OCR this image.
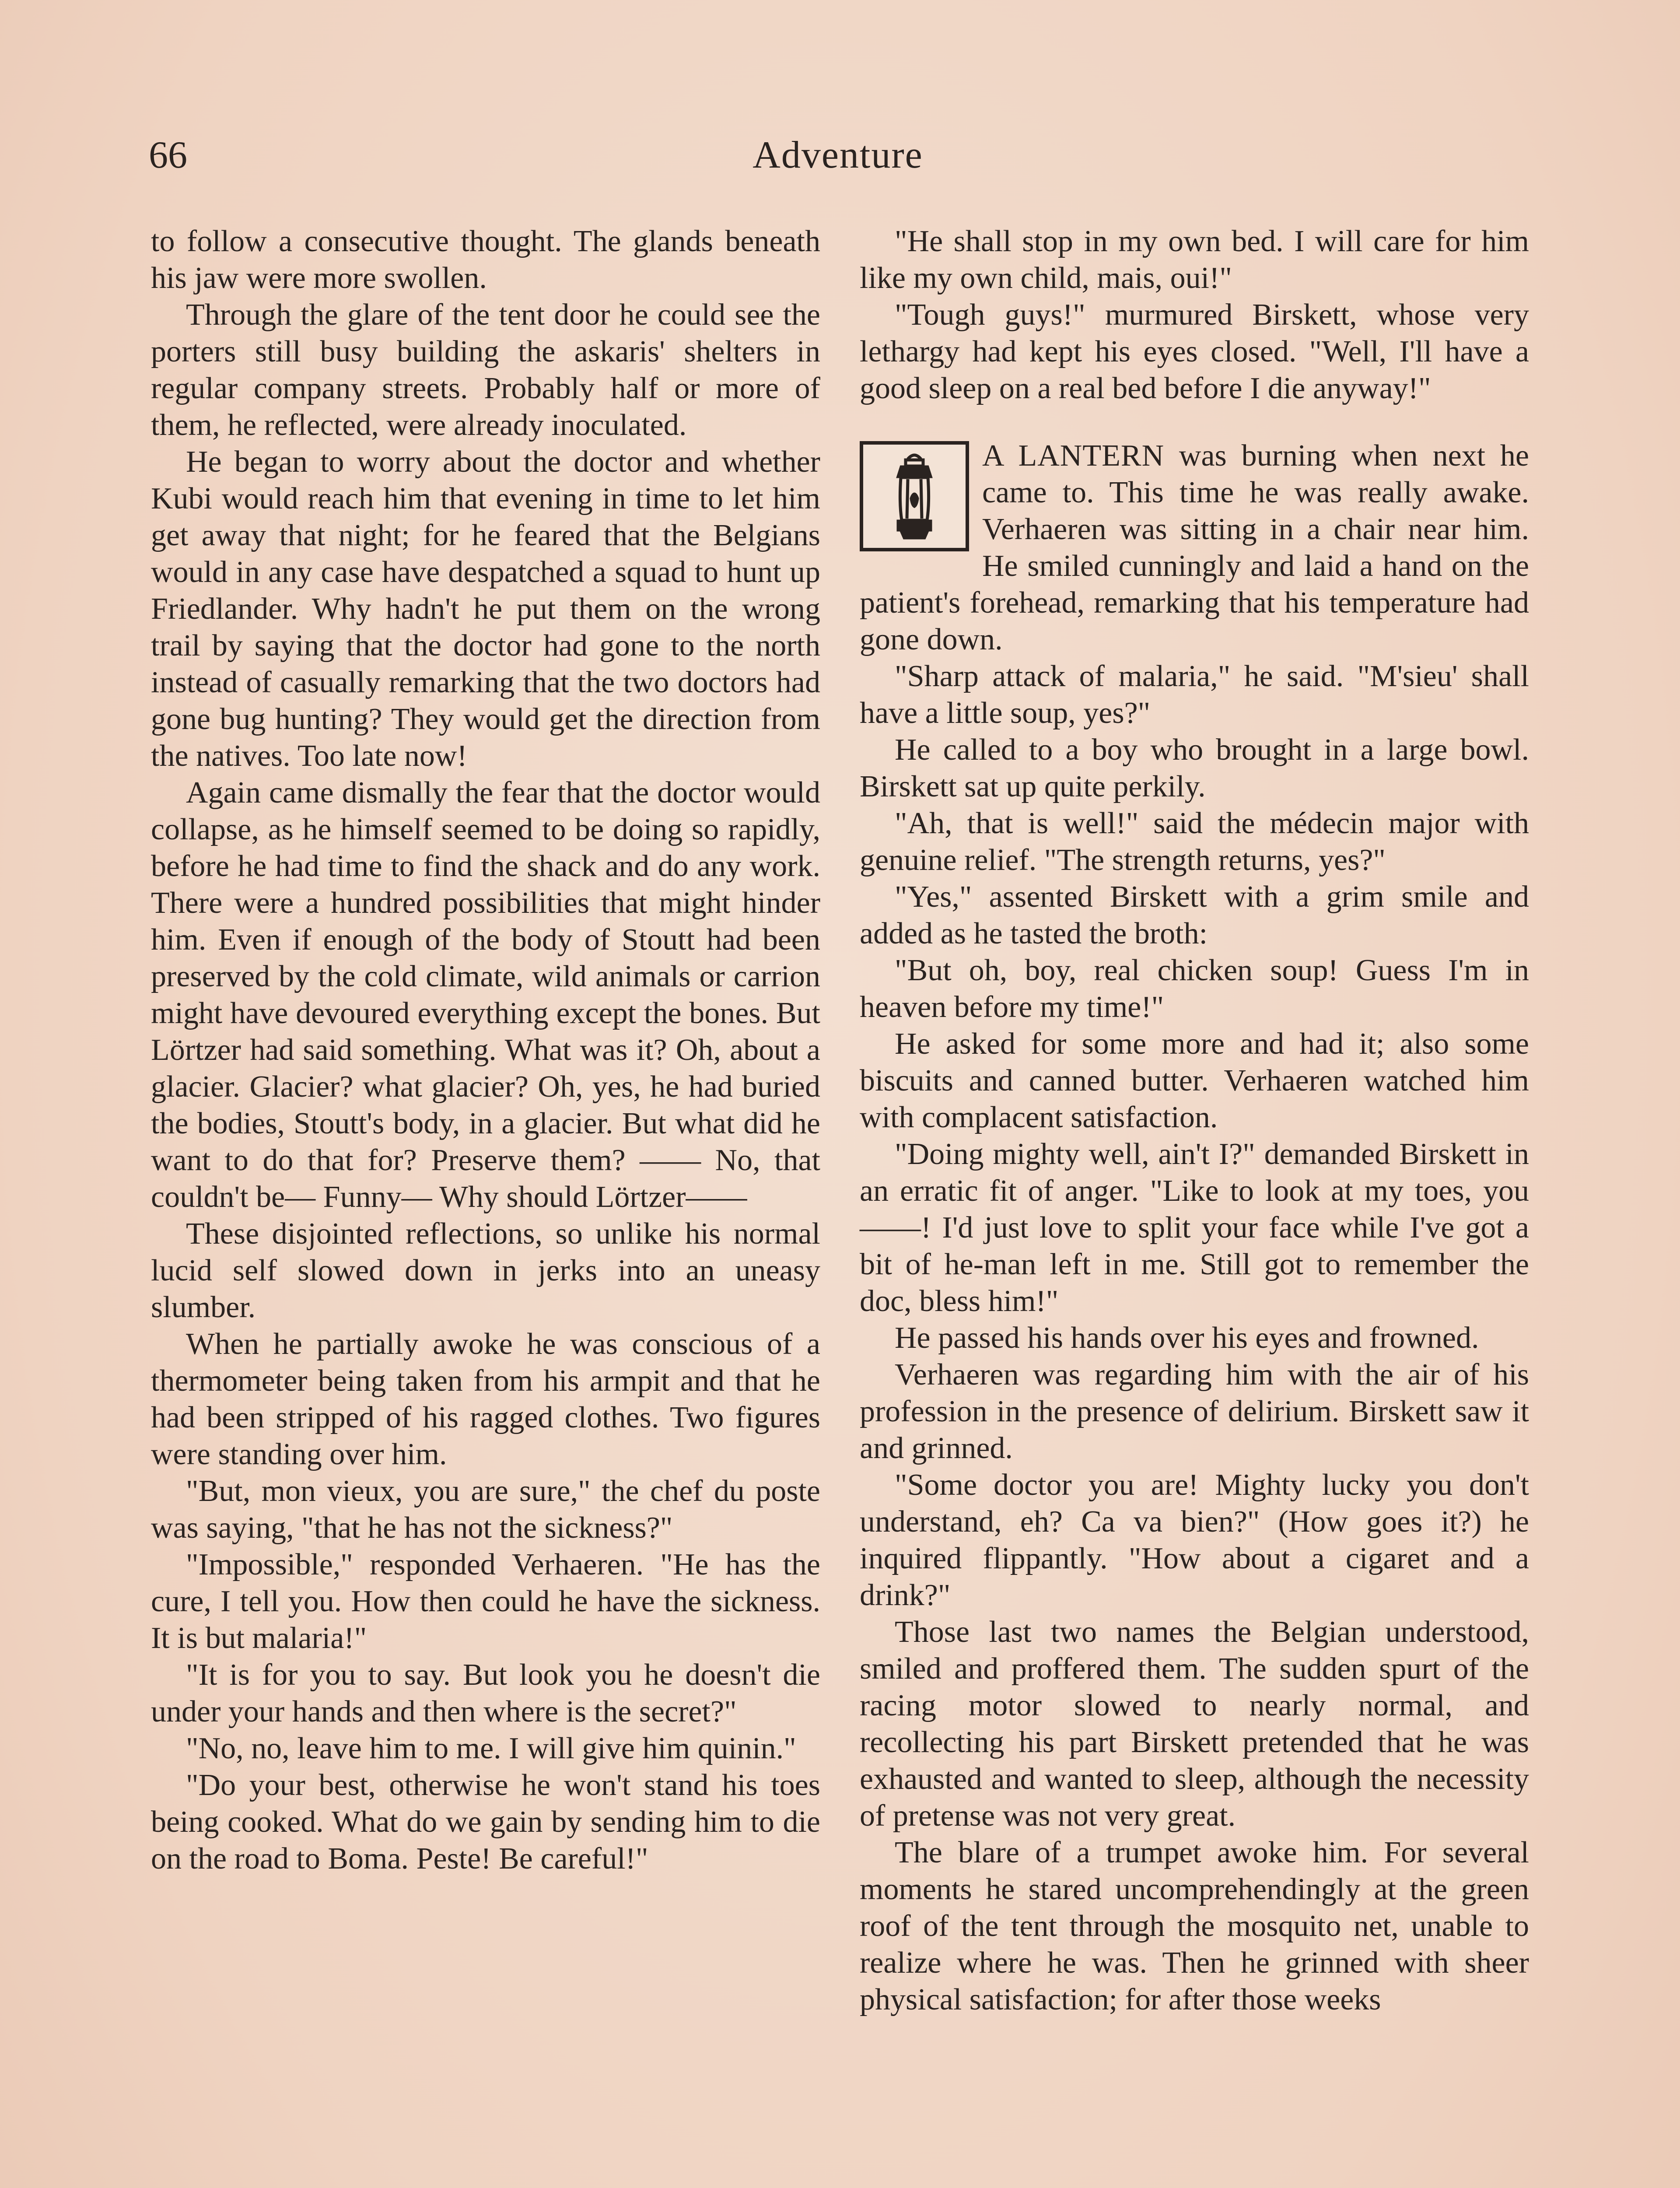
66	Adventure

to follow a consecutive thought. The glands beneath his jaw were more swollen.

Through the glare of the tent door he could see the porters still busy building the askaris' shelters in regular company streets. Probably half or more of them, he reflected, were already inoculated.

He began to worry about the doctor and whether Kubi would reach him that evening in time to let him get away that night; for he feared that the Belgians would in any case have despatched a squad to hunt up Friedlander. Why hadn't he put them on the wrong trail by saying that the doctor had gone to the north instead of casually remarking that the two doctors had gone bug hunting? They would get the direction from the natives. Too late now!

Again came dismally the fear that the doctor would collapse, as he himself seemed to be doing so rapidly, before he had time to find the shack and do any work. There were a hundred possibilities that might hinder him. Even if enough of the body of Stoutt had been preserved by the cold climate, wild animals or carrion might have devoured everything except the bones. But Lörtzer had said something. What was it? Oh, about a glacier. Glacier? what glacier? Oh, yes, he had buried the bodies, Stoutt's body, in a glacier. But what did he want to do that for? Preserve them? —— No, that couldn't be— Funny— Why should Lörtzer——

These disjointed reflections, so unlike his normal lucid self slowed down in jerks into an uneasy slumber.

When he partially awoke he was conscious of a thermometer being taken from his armpit and that he had been stripped of his ragged clothes. Two figures were standing over him.

"But, mon vieux, you are sure," the chef du poste was saying, "that he has not the sickness?"

"Impossible," responded Verhaeren. "He has the cure, I tell you. How then could he have the sickness. It is but malaria!"

"It is for you to say. But look you he doesn't die under your hands and then where is the secret?"

"No, no, leave him to me. I will give him quinin."

"Do your best, otherwise he won't stand his toes being cooked. What do we gain by sending him to die on the road to Boma. Peste! Be careful!"

"He shall stop in my own bed. I will care for him like my own child, mais, oui!"

"Tough guys!" murmured Birskett, whose very lethargy had kept his eyes closed. "Well, I'll have a good sleep on a real bed before I die anyway!"

A LANTERN was burning when next he came to. This time he was really awake. Verhaeren was sitting in a chair near him. He smiled cunningly and laid a hand on the patient's forehead, remarking that his temperature had gone down.

"Sharp attack of malaria," he said. "M'sieu' shall have a little soup, yes?"

He called to a boy who brought in a large bowl. Birskett sat up quite perkily.

"Ah, that is well!" said the médecin major with genuine relief. "The strength returns, yes?"

"Yes," assented Birskett with a grim smile and added as he tasted the broth:

"But oh, boy, real chicken soup! Guess I'm in heaven before my time!"

He asked for some more and had it; also some biscuits and canned butter. Verhaeren watched him with complacent satisfaction.

"Doing mighty well, ain't I?" demanded Birskett in an erratic fit of anger. "Like to look at my toes, you——! I'd just love to split your face while I've got a bit of he-man left in me. Still got to remember the doc, bless him!"

He passed his hands over his eyes and frowned.

Verhaeren was regarding him with the air of his profession in the presence of delirium. Birskett saw it and grinned.

"Some doctor you are! Mighty lucky you don't understand, eh? Ca va bien?" (How goes it?) he inquired flippantly. "How about a cigaret and a drink?"

Those last two names the Belgian understood, smiled and proffered them. The sudden spurt of the racing motor slowed to nearly normal, and recollecting his part Birskett pretended that he was exhausted and wanted to sleep, although the necessity of pretense was not very great.

The blare of a trumpet awoke him. For several moments he stared uncomprehendingly at the green roof of the tent through the mosquito net, unable to realize where he was. Then he grinned with sheer physical satisfaction; for after those weeks
